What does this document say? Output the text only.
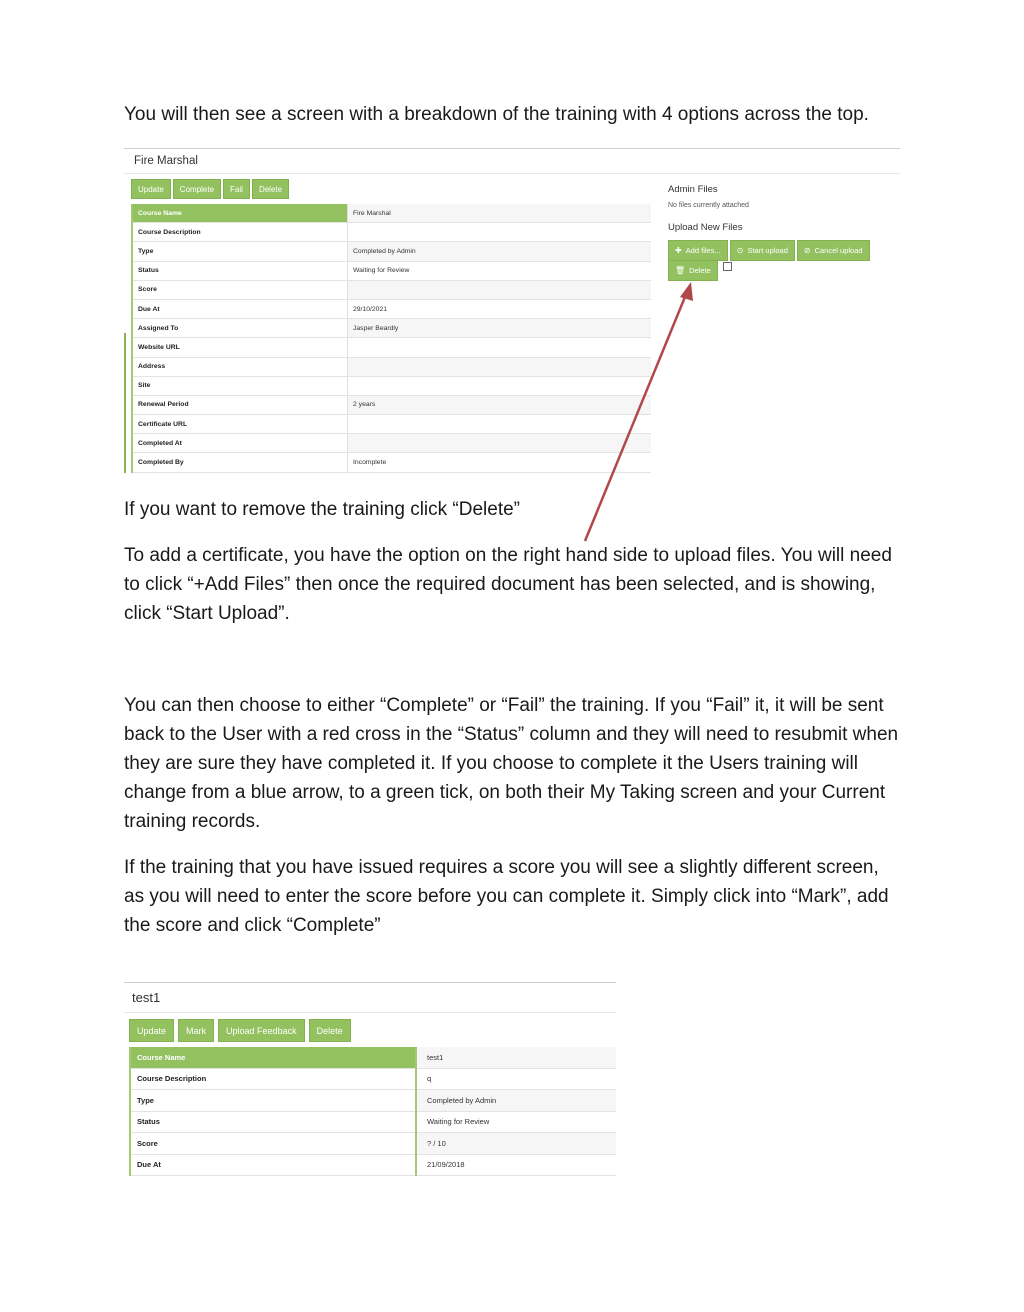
You will then see a screen with a breakdown of the training with 4 options across the top.

Fire Marshal
Update	Complete	Fail	Delete
Course Name	Fire Marshal
Course Description	
Type	Completed by Admin
Status	Waiting for Review
Score	
Due At	29/10/2021
Assigned To	Jasper Beardly
Website URL	
Address	
Site	
Renewal Period	2 years
Certificate URL	
Completed At	
Completed By	Incomplete
Admin Files
No files currently attached
Upload New Files
✚ Add files... ⊙ Start upload ⊘ Cancel upload
🗑 Delete

If you want to remove the training click “Delete”

To add a certificate, you have the option on the right hand side to upload files. You will need to click “+Add Files” then once the required document has been selected, and is showing, click “Start Upload”.

You can then choose to either “Complete” or “Fail” the training. If you “Fail” it, it will be sent back to the User with a red cross in the “Status” column and they will need to resubmit when they are sure they have completed it. If you choose to complete it the Users training will change from a blue arrow, to a green tick, on both their My Taking screen and your Current training records.

If the training that you have issued requires a score you will see a slightly different screen, as you will need to enter the score before you can complete it. Simply click into “Mark”, add the score and click “Complete”

test1
Update	Mark	Upload Feedback	Delete
Course Name	test1
Course Description	q
Type	Completed by Admin
Status	Waiting for Review
Score	? / 10
Due At	21/09/2018
